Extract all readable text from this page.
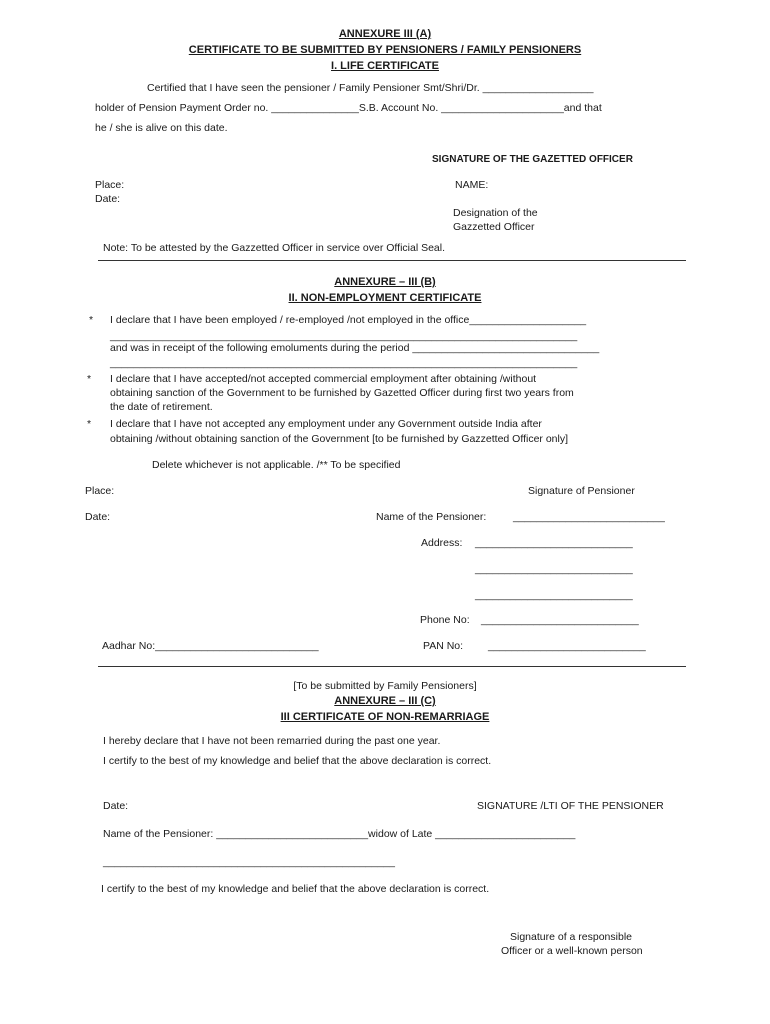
ANNEXURE III (A)
CERTIFICATE TO BE SUBMITTED BY PENSIONERS / FAMILY PENSIONERS
I. LIFE CERTIFICATE
Certified that I have seen the pensioner / Family Pensioner Smt/Shri/Dr. ___________________
holder of Pension Payment Order no. _______________S.B. Account No. _____________________and that
he / she is alive on this date.
SIGNATURE OF THE GAZETTED OFFICER
Place:	NAME:
Date:
Designation of the
Gazzetted Officer
Note: To be attested by the Gazzetted Officer in service over Official Seal.
ANNEXURE – III (B)
II. NON-EMPLOYMENT CERTIFICATE
* I declare that I have been employed / re-employed /not employed in the office____________________
________________________________________________________________________________
and was in receipt of the following emoluments during the period ________________________________
________________________________________________________________________________
* I declare that I have accepted/not accepted commercial employment after obtaining /without
obtaining sanction of the Government to be furnished by Gazetted Officer during first two years from
the date of retirement.
* I declare that I have not accepted any employment under any Government outside India after
obtaining /without obtaining sanction of the Government [to be furnished by Gazzetted Officer only]
Delete whichever is not applicable. /** To be specified
Place:	Signature of Pensioner
Date:	Name of the Pensioner:	__________________________
Address: ___________________________
___________________________
___________________________
Phone No: ___________________________
Aadhar No:____________________________	PAN No: ___________________________
[To be submitted by Family Pensioners]
ANNEXURE – III (C)
III CERTIFICATE OF NON-REMARRIAGE
I hereby declare that I have not been remarried during the past one year.
I certify to the best of my knowledge and belief that the above declaration is correct.
Date:	SIGNATURE /LTI OF THE PENSIONER
Name of the Pensioner: __________________________widow of Late ________________________
__________________________________________________
I certify to the best of my knowledge and belief that the above declaration is correct.
Signature of a responsible
Officer or a well-known person
